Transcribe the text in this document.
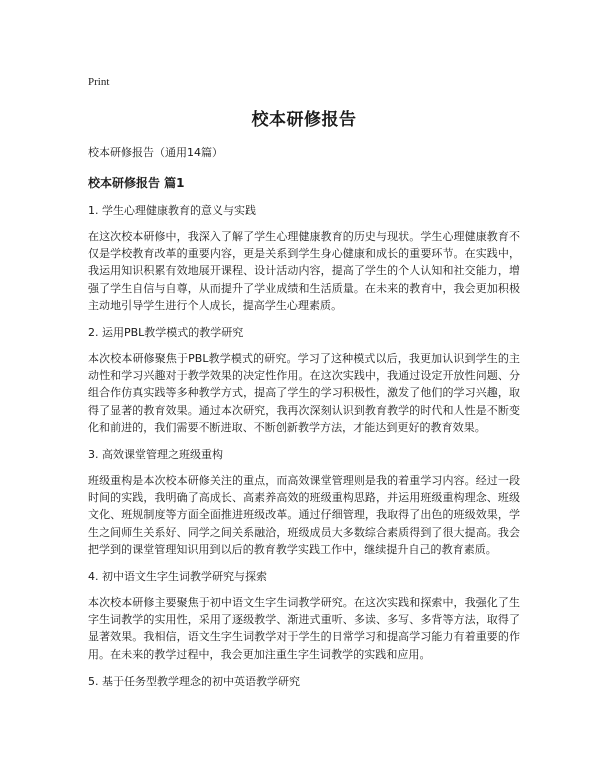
Print
校本研修报告

校本研修报告（通用14篇）

校本研修报告 篇1

1. 学生心理健康教育的意义与实践

在这次校本研修中，我深入了解了学生心理健康教育的历史与现状。学生心理健康教育不仅是学校教育改革的重要内容，更是关系到学生身心健康和成长的重要环节。在实践中，我运用知识积累有效地展开课程、设计活动内容，提高了学生的个人认知和社交能力，增强了学生自信与自尊，从而提升了学业成绩和生活质量。在未来的教育中，我会更加积极主动地引导学生进行个人成长，提高学生心理素质。

2. 运用PBL教学模式的教学研究

本次校本研修聚焦于PBL教学模式的研究。学习了这种模式以后，我更加认识到学生的主动性和学习兴趣对于教学效果的决定性作用。在这次实践中，我通过设定开放性问题、分组合作仿真实践等多种教学方式，提高了学生的学习积极性，激发了他们的学习兴趣，取得了显著的教育效果。通过本次研究，我再次深刻认识到教育教学的时代和人性是不断变化和前进的，我们需要不断进取、不断创新教学方法，才能达到更好的教育效果。

3. 高效课堂管理之班级重构

班级重构是本次校本研修关注的重点，而高效课堂管理则是我的着重学习内容。经过一段时间的实践，我明确了高成长、高素养高效的班级重构思路，并运用班级重构理念、班级文化、班规制度等方面全面推进班级改革。通过仔细管理，我取得了出色的班级效果，学生之间师生关系好、同学之间关系融洽，班级成员大多数综合素质得到了很大提高。我会把学到的课堂管理知识用到以后的教育教学实践工作中，继续提升自己的教育素质。

4. 初中语文生字生词教学研究与探索

本次校本研修主要聚焦于初中语文生字生词教学研究。在这次实践和探索中，我强化了生字生词教学的实用性，采用了逐级教学、渐进式重听、多读、多写、多背等方法，取得了显著效果。我相信，语文生字生词教学对于学生的日常学习和提高学习能力有着重要的作用。在未来的教学过程中，我会更加注重生字生词教学的实践和应用。

5. 基于任务型教学理念的初中英语教学研究
